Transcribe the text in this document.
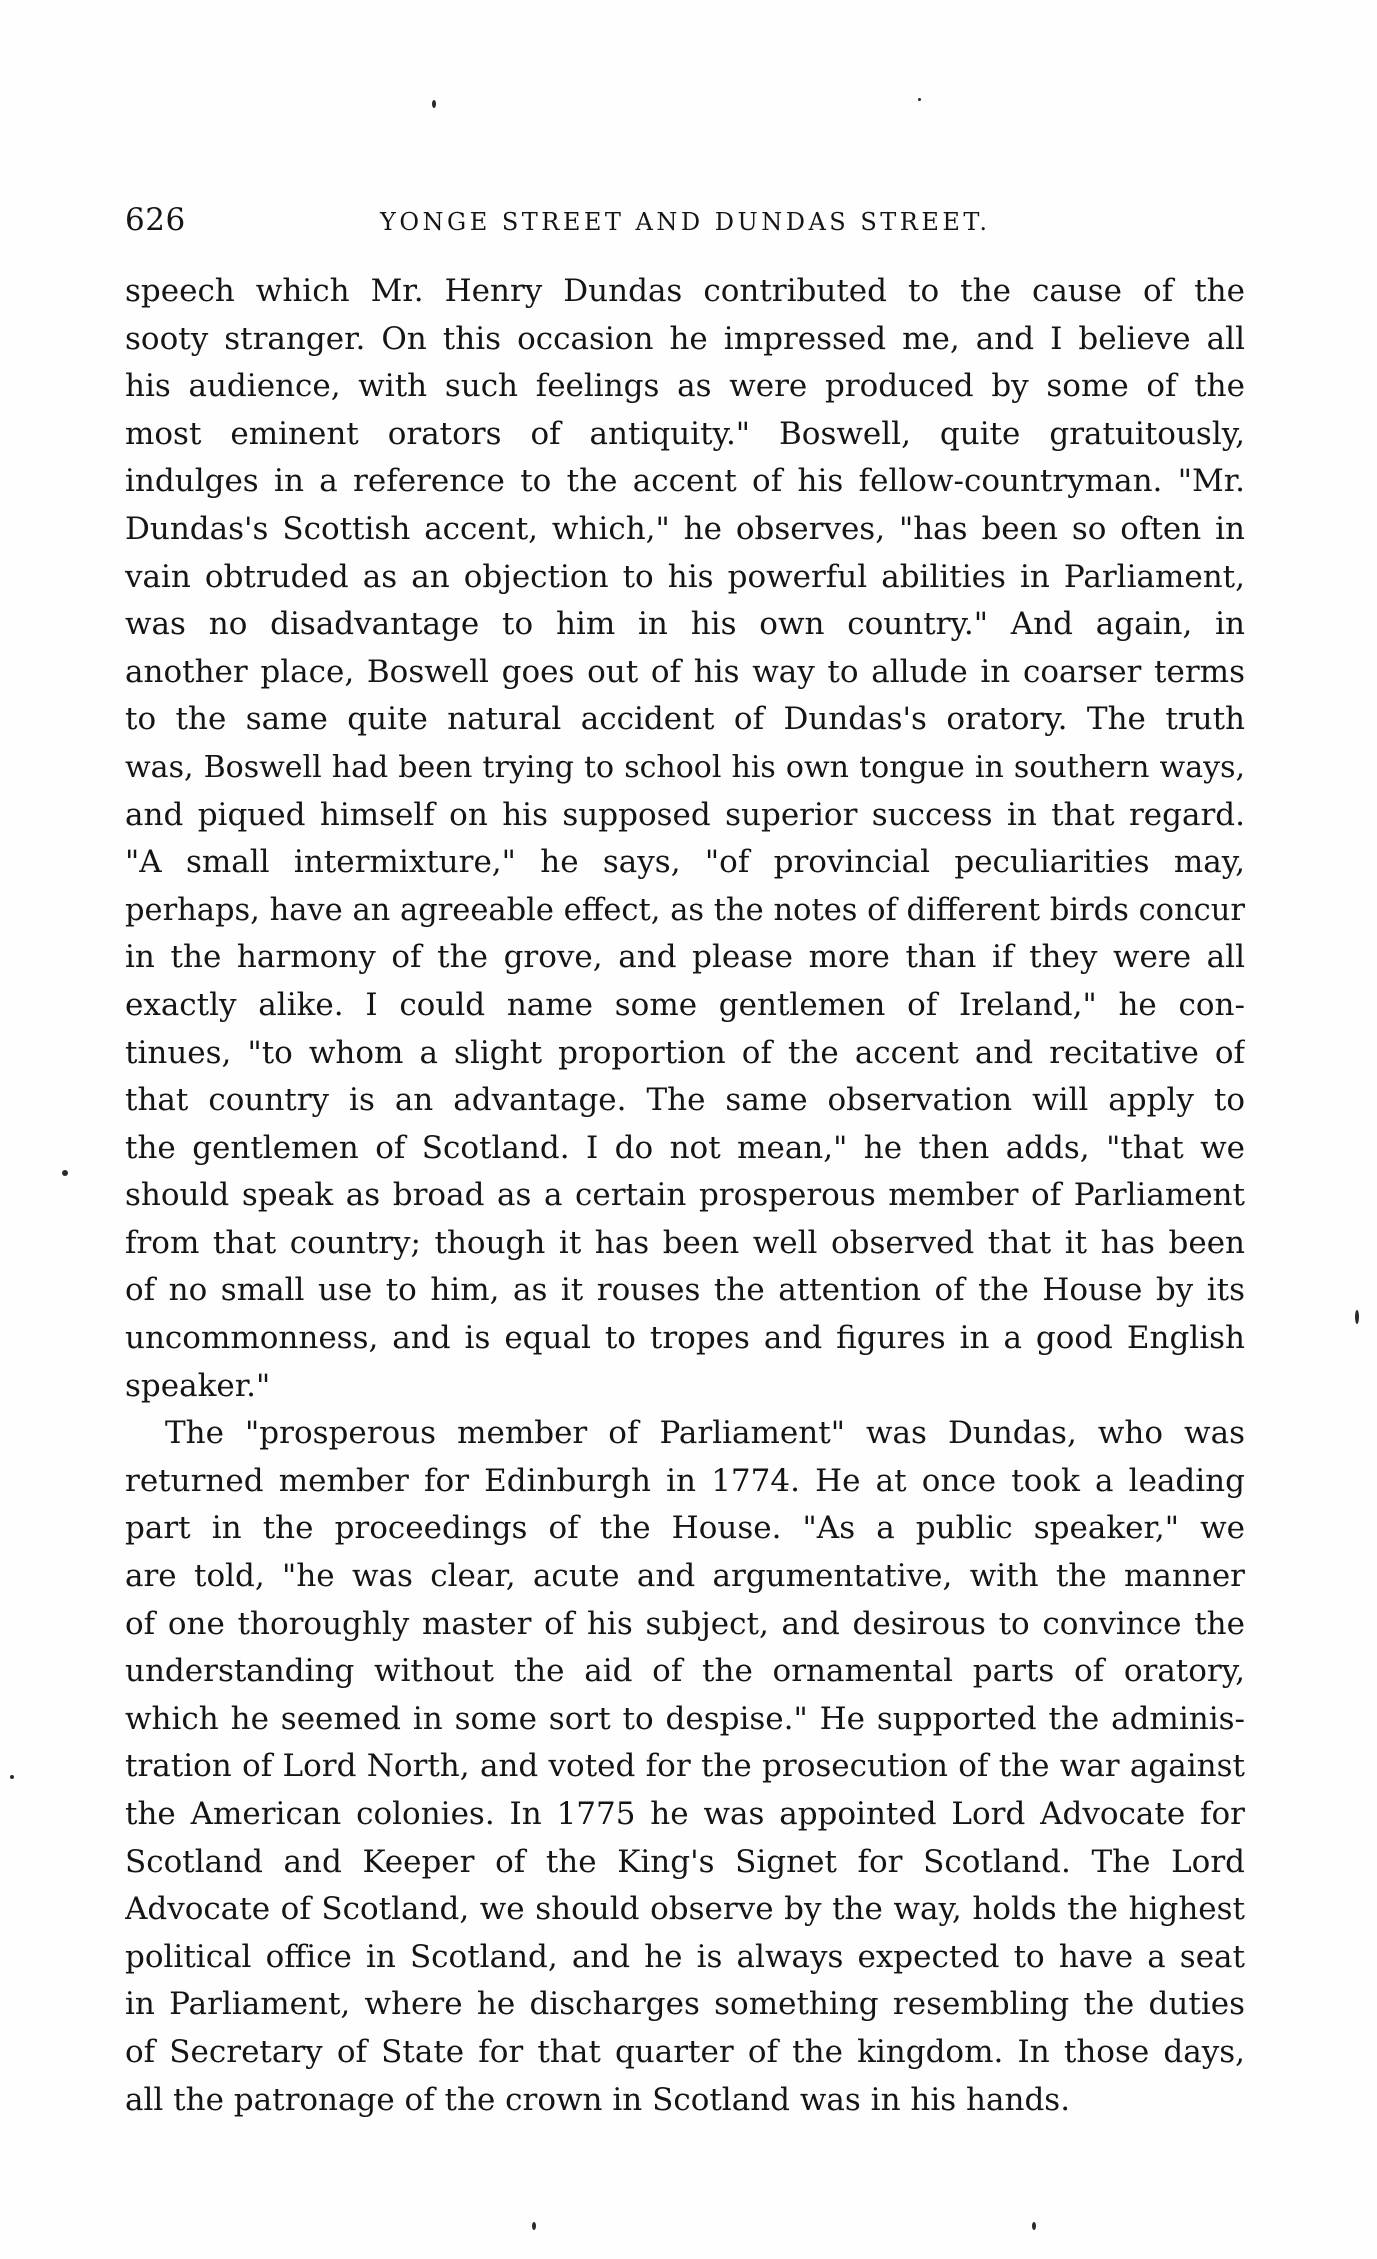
626	YONGE STREET AND DUNDAS STREET.
speech which Mr. Henry Dundas contributed to the cause of the
sooty stranger. On this occasion he impressed me, and I believe all
his audience, with such feelings as were produced by some of the
most eminent orators of antiquity." Boswell, quite gratuitously,
indulges in a reference to the accent of his fellow-countryman. "Mr.
Dundas's Scottish accent, which," he observes, "has been so often in
vain obtruded as an objection to his powerful abilities in Parliament,
was no disadvantage to him in his own country." And again, in
another place, Boswell goes out of his way to allude in coarser terms
to the same quite natural accident of Dundas's oratory. The truth
was, Boswell had been trying to school his own tongue in southern ways,
and piqued himself on his supposed superior success in that regard.
"A small intermixture," he says, "of provincial peculiarities may,
perhaps, have an agreeable effect, as the notes of different birds concur
in the harmony of the grove, and please more than if they were all
exactly alike. I could name some gentlemen of Ireland," he con-
tinues, "to whom a slight proportion of the accent and recitative of
that country is an advantage. The same observation will apply to
the gentlemen of Scotland. I do not mean," he then adds, "that we
should speak as broad as a certain prosperous member of Parliament
from that country; though it has been well observed that it has been
of no small use to him, as it rouses the attention of the House by its
uncommonness, and is equal to tropes and figures in a good English
speaker."
The "prosperous member of Parliament" was Dundas, who was
returned member for Edinburgh in 1774. He at once took a leading
part in the proceedings of the House. "As a public speaker," we
are told, "he was clear, acute and argumentative, with the manner
of one thoroughly master of his subject, and desirous to convince the
understanding without the aid of the ornamental parts of oratory,
which he seemed in some sort to despise." He supported the adminis-
tration of Lord North, and voted for the prosecution of the war against
the American colonies. In 1775 he was appointed Lord Advocate for
Scotland and Keeper of the King's Signet for Scotland. The Lord
Advocate of Scotland, we should observe by the way, holds the highest
political office in Scotland, and he is always expected to have a seat
in Parliament, where he discharges something resembling the duties
of Secretary of State for that quarter of the kingdom. In those days,
all the patronage of the crown in Scotland was in his hands.
